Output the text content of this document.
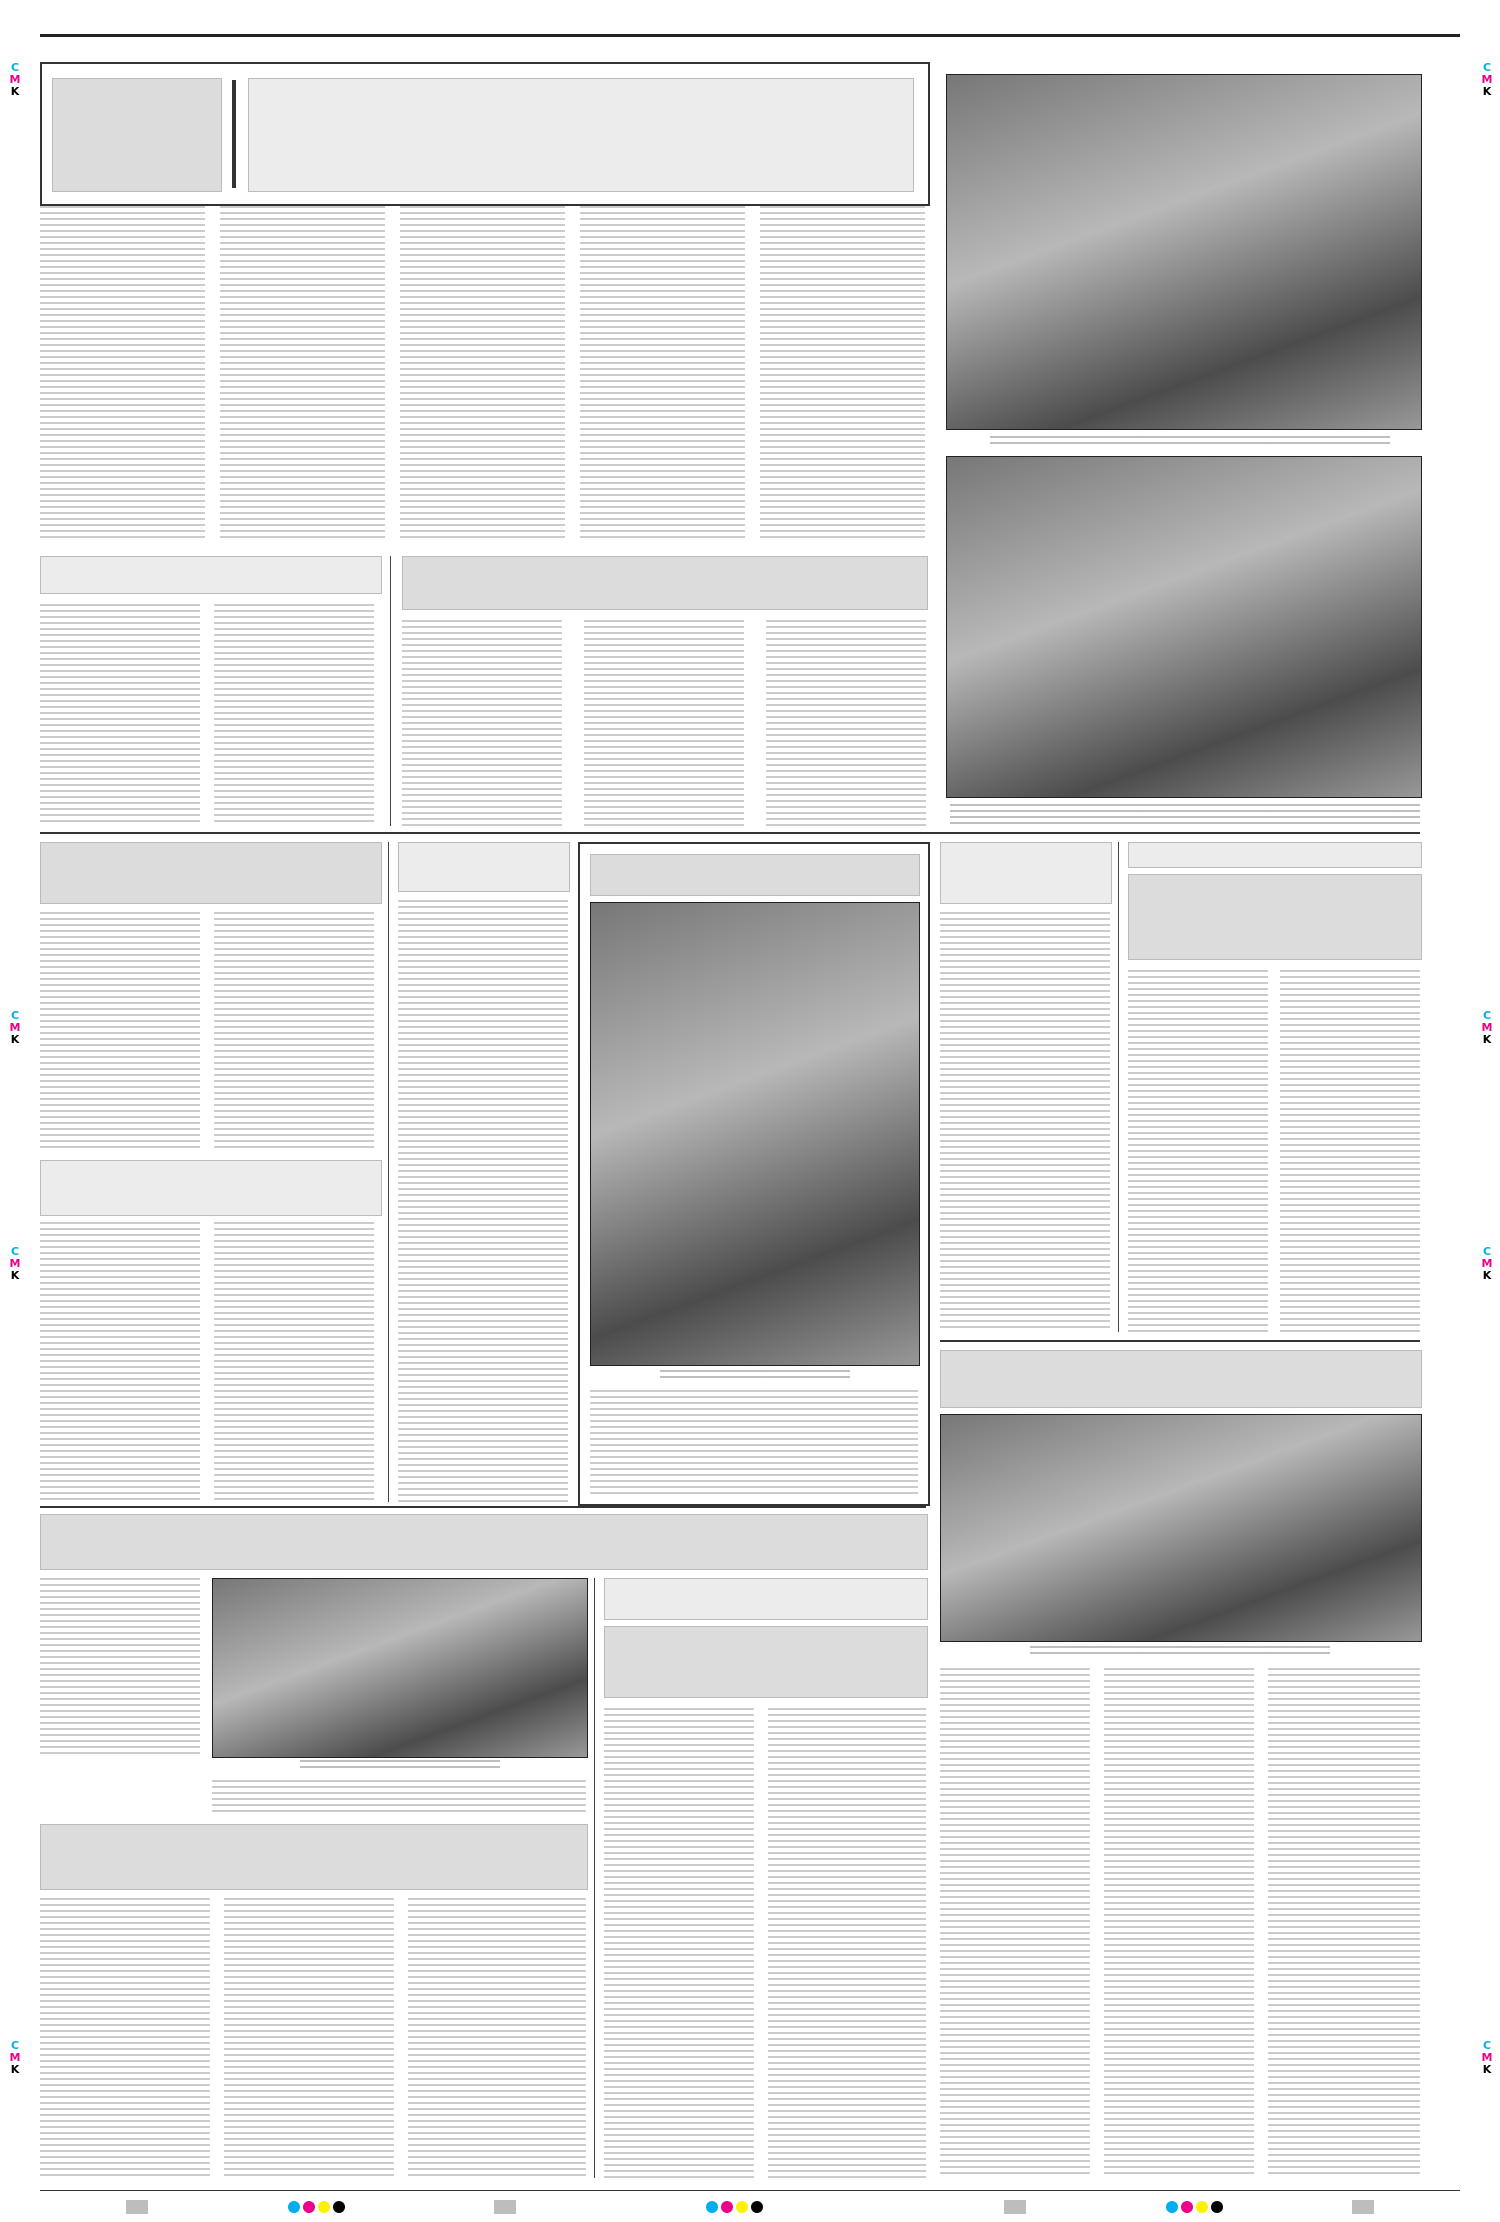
C
M
K
C
M
K
C
M
K
C
M
K
C
M
K
C
M
K
C
M
K
C
M
K
